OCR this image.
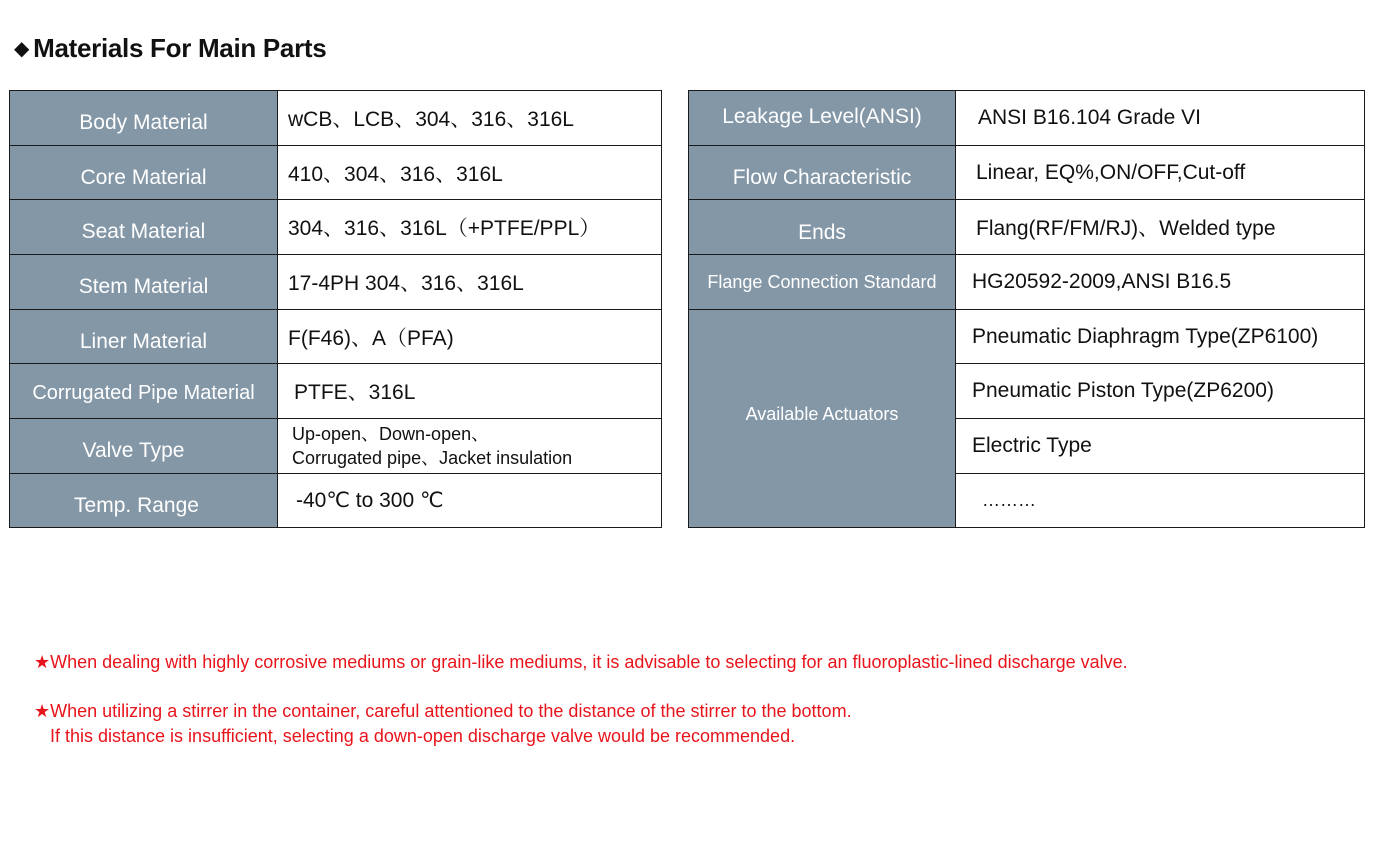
◆ Materials For Main Parts
Body Material	wCB、LCB、304、316、316L
Core Material	410、304、316、316L
Seat Material	304、316、316L（+PTFE/PPL）
Stem Material	17-4PH 304、316、316L
Liner Material	F(F46)、A（PFA)
Corrugated Pipe Material	PTFE、316L
Valve Type	Up-open、Down-open、
Corrugated pipe、Jacket insulation

Temp. Range	-40℃ to 300 ℃
Leakage Level(ANSI)	ANSI B16.104 Grade VI
Flow Characteristic	Linear, EQ%,ON/OFF,Cut-off
Ends	Flang(RF/FM/RJ)、Welded type
Flange Connection Standard	HG20592-2009,ANSI B16.5
Available Actuators	Pneumatic Diaphragm Type(ZP6100)
	Pneumatic Piston Type(ZP6200)
	Electric Type
	………
★When dealing with highly corrosive mediums or grain-like mediums, it is advisable to selecting for an fluoroplastic-lined discharge valve.
★When utilizing a stirrer in the container, careful attentioned to the distance of the stirrer to the bottom.
If this distance is insufficient, selecting a down-open discharge valve would be recommended.
